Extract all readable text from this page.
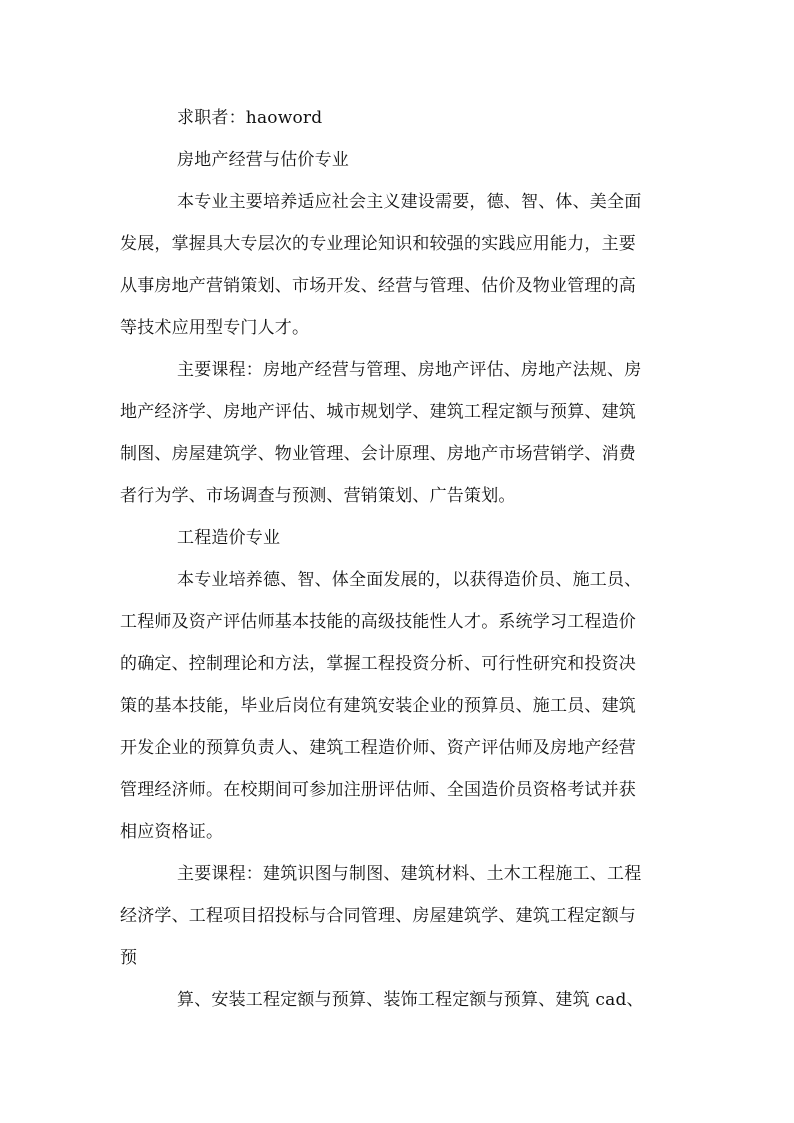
求职者：haoword
房地产经营与估价专业
本专业主要培养适应社会主义建设需要，德、智、体、美全面
发展，掌握具大专层次的专业理论知识和较强的实践应用能力，主要
从事房地产营销策划、市场开发、经营与管理、估价及物业管理的高
等技术应用型专门人才。
主要课程：房地产经营与管理、房地产评估、房地产法规、房
地产经济学、房地产评估、城市规划学、建筑工程定额与预算、建筑
制图、房屋建筑学、物业管理、会计原理、房地产市场营销学、消费
者行为学、市场调查与预测、营销策划、广告策划。
工程造价专业
本专业培养德、智、体全面发展的，以获得造价员、施工员、
工程师及资产评估师基本技能的高级技能性人才。系统学习工程造价
的确定、控制理论和方法，掌握工程投资分析、可行性研究和投资决
策的基本技能，毕业后岗位有建筑安装企业的预算员、施工员、建筑
开发企业的预算负责人、建筑工程造价师、资产评估师及房地产经营
管理经济师。在校期间可参加注册评估师、全国造价员资格考试并获
相应资格证。
主要课程：建筑识图与制图、建筑材料、土木工程施工、工程
经济学、工程项目招投标与合同管理、房屋建筑学、建筑工程定额与
预
算、安装工程定额与预算、装饰工程定额与预算、建筑 cad、
